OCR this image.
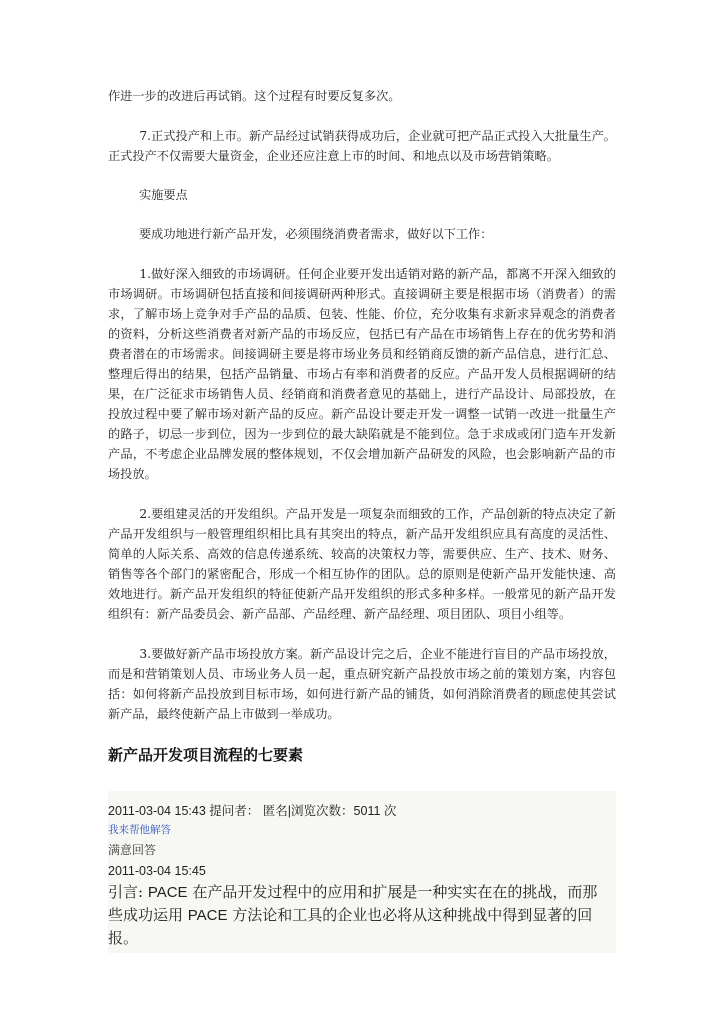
作进一步的改进后再试销。这个过程有时要反复多次。

7.正式投产和上市。新产品经过试销获得成功后，企业就可把产品正式投入大批量生产。正式投产不仅需要大量资金，企业还应注意上市的时间、和地点以及市场营销策略。

实施要点

要成功地进行新产品开发，必须围绕消费者需求，做好以下工作：

1.做好深入细致的市场调研。任何企业要开发出适销对路的新产品，都离不开深入细致的市场调研。市场调研包括直接和间接调研两种形式。直接调研主要是根据市场（消费者）的需求，了解市场上竞争对手产品的品质、包装、性能、价位，充分收集有求新求异观念的消费者的资料，分析这些消费者对新产品的市场反应，包括已有产品在市场销售上存在的优劣势和消费者潜在的市场需求。间接调研主要是将市场业务员和经销商反馈的新产品信息，进行汇总、整理后得出的结果，包括产品销量、市场占有率和消费者的反应。产品开发人员根据调研的结果，在广泛征求市场销售人员、经销商和消费者意见的基础上，进行产品设计、局部投放，在投放过程中要了解市场对新产品的反应。新产品设计要走开发一调整一试销一改进一批量生产的路子，切忌一步到位，因为一步到位的最大缺陷就是不能到位。急于求成或闭门造车开发新产品，不考虑企业品牌发展的整体规划，不仅会增加新产品研发的风险，也会影响新产品的市场投放。

2.要组建灵活的开发组织。产品开发是一项复杂而细致的工作，产品创新的特点决定了新产品开发组织与一般管理组织相比具有其突出的特点，新产品开发组织应具有高度的灵活性、简单的人际关系、高效的信息传递系统、较高的决策权力等，需要供应、生产、技术、财务、销售等各个部门的紧密配合，形成一个相互协作的团队。总的原则是使新产品开发能快速、高效地进行。新产品开发组织的特征使新产品开发组织的形式多种多样。一般常见的新产品开发组织有：新产品委员会、新产品部、产品经理、新产品经理、项目团队、项目小组等。

3.要做好新产品市场投放方案。新产品设计完之后，企业不能进行盲目的产品市场投放，而是和营销策划人员、市场业务人员一起，重点研究新产品投放市场之前的策划方案，内容包括：如何将新产品投放到目标市场，如何进行新产品的铺货，如何消除消费者的顾虑使其尝试新产品，最终使新产品上市做到一举成功。

新产品开发项目流程的七要素
2011-03-04 15:43 提问者： 匿名|浏览次数：5011 次
我来帮他解答
满意回答
2011-03-04 15:45

引言: PACE 在产品开发过程中的应用和扩展是一种实实在在的挑战，而那些成功运用 PACE 方法论和工具的企业也必将从这种挑战中得到显著的回报。
